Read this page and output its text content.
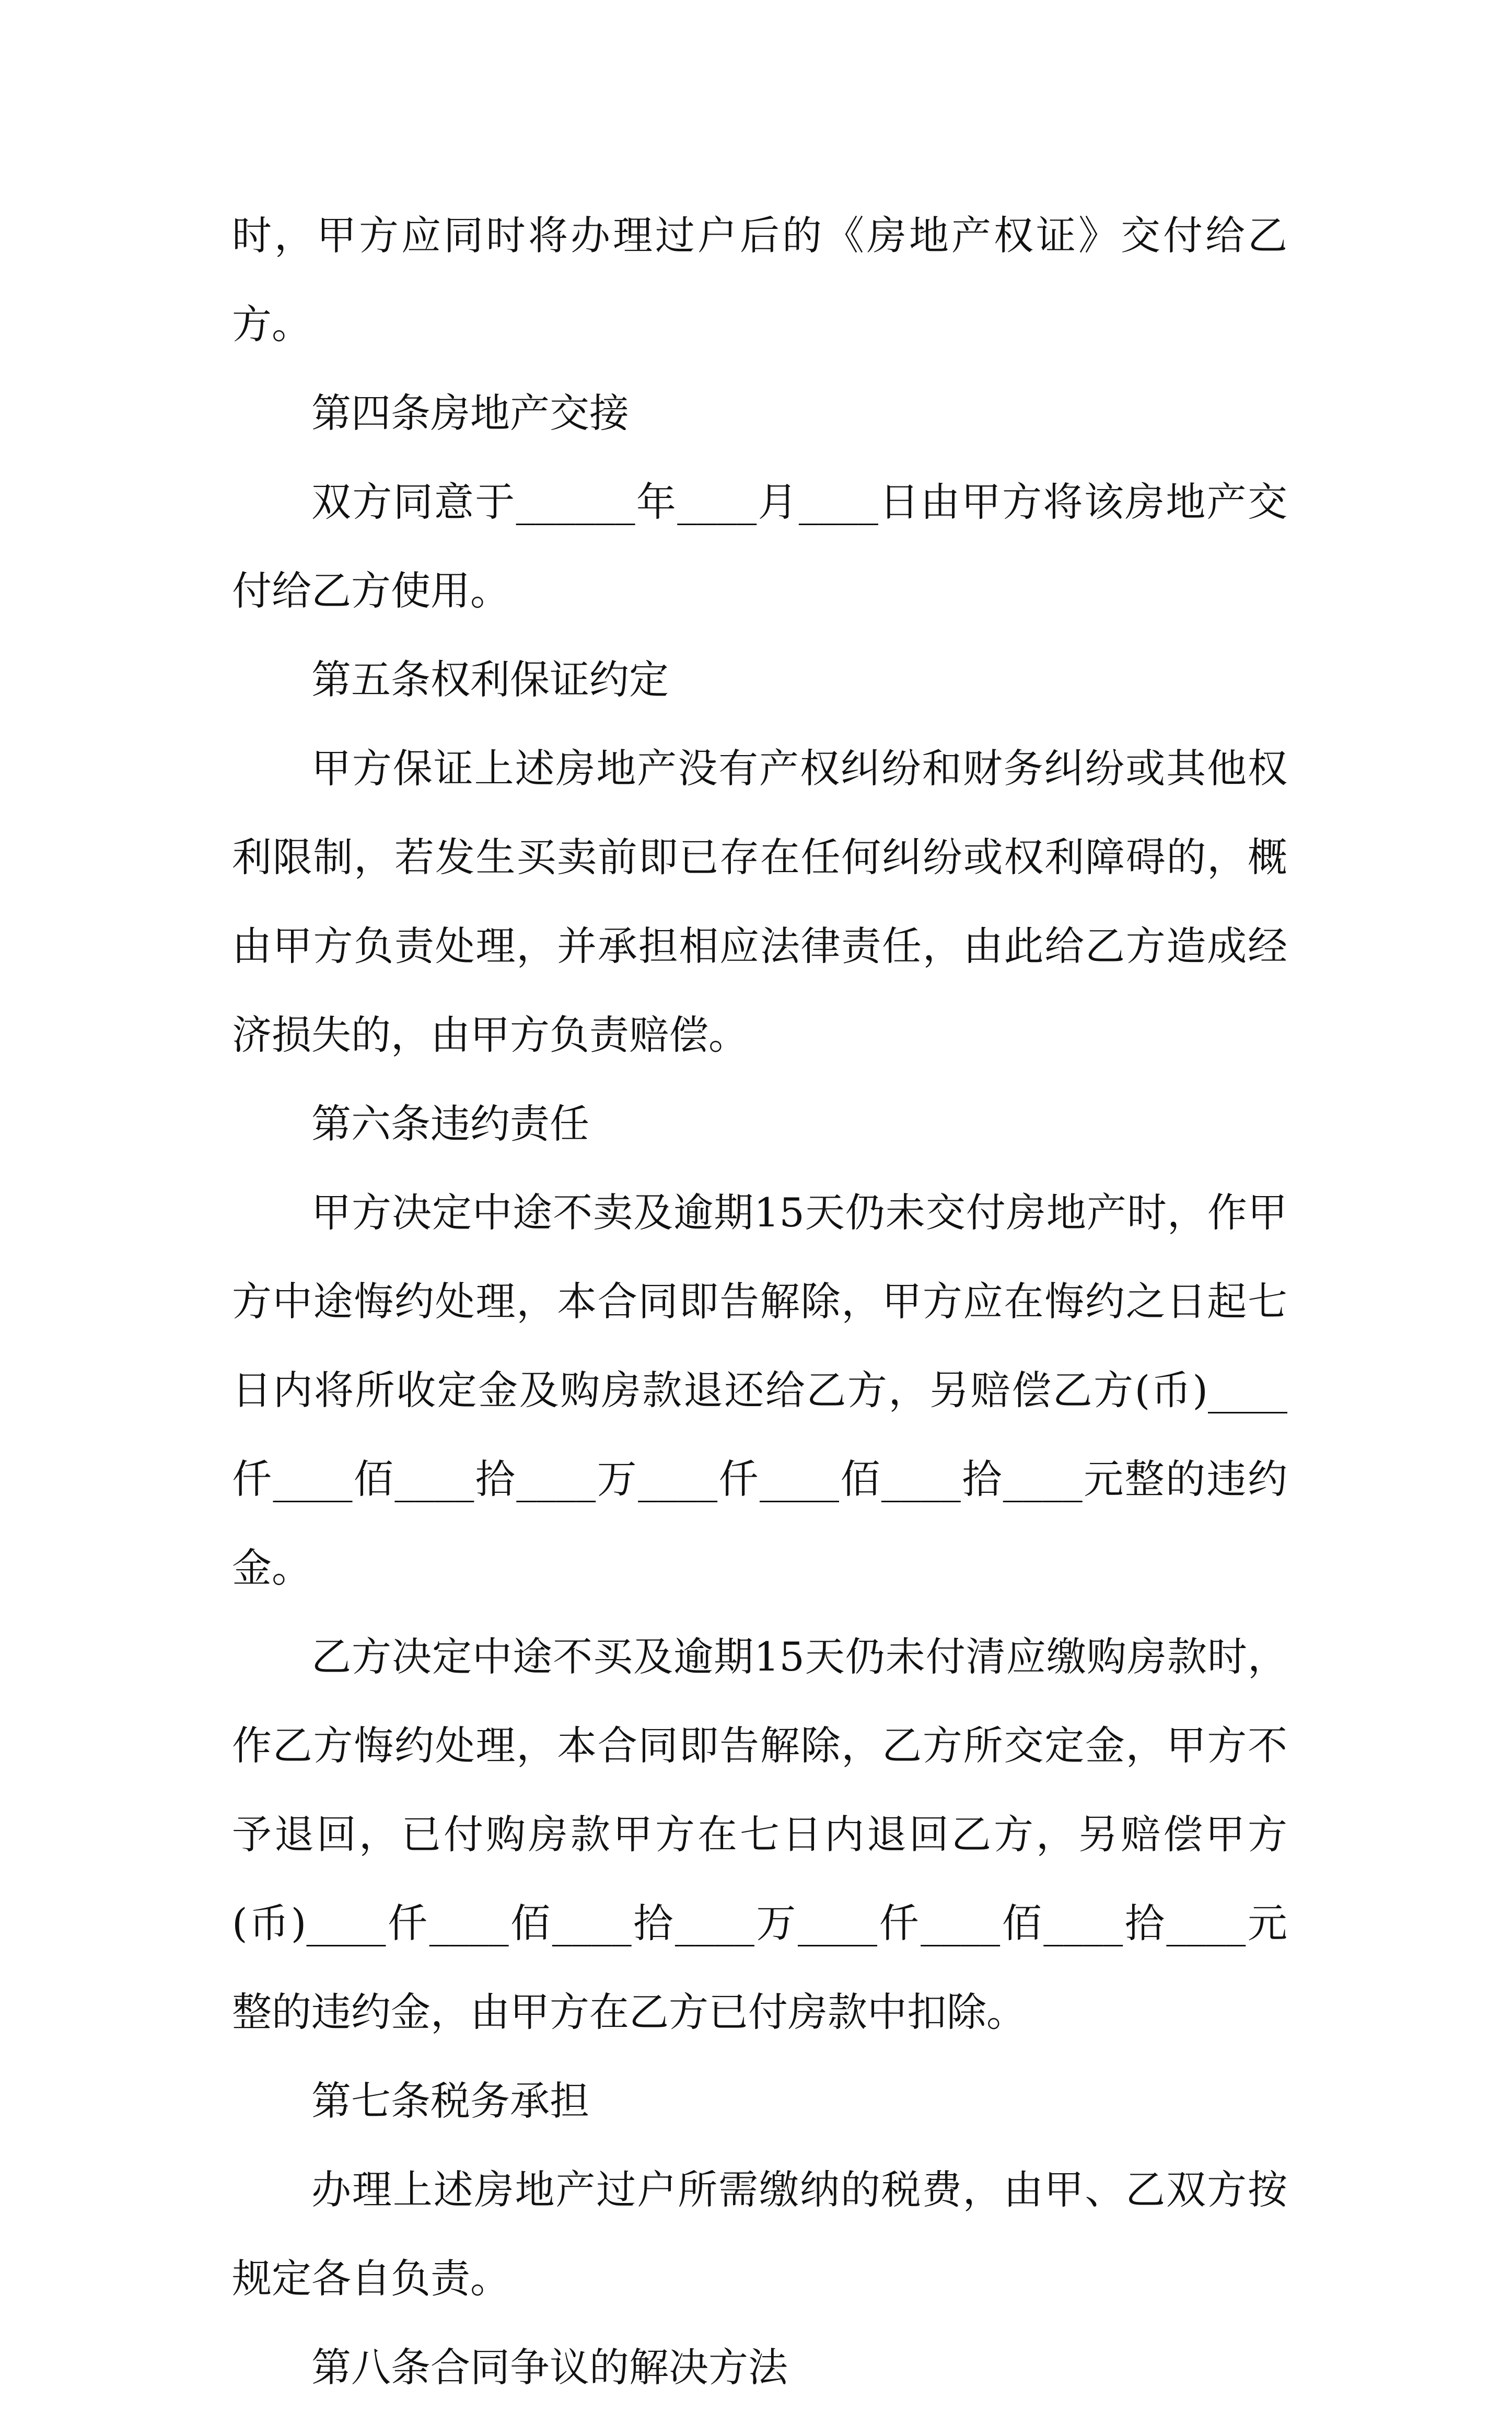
时，甲方应同时将办理过户后的《房地产权证》交付给乙方。

第四条房地产交接

双方同意于______年____月____日由甲方将该房地产交付给乙方使用。

第五条权利保证约定

甲方保证上述房地产没有产权纠纷和财务纠纷或其他权利限制，若发生买卖前即已存在任何纠纷或权利障碍的，概由甲方负责处理，并承担相应法律责任，由此给乙方造成经济损失的，由甲方负责赔偿。

第六条违约责任

甲方决定中途不卖及逾期15天仍未交付房地产时，作甲方中途悔约处理，本合同即告解除，甲方应在悔约之日起七日内将所收定金及购房款退还给乙方，另赔偿乙方(币)____仟____佰____拾____万____仟____佰____拾____元整的违约金。

乙方决定中途不买及逾期15天仍未付清应缴购房款时，作乙方悔约处理，本合同即告解除，乙方所交定金，甲方不予退回，已付购房款甲方在七日内退回乙方，另赔偿甲方(币)____仟____佰____拾____万____仟____佰____拾____元整的违约金，由甲方在乙方已付房款中扣除。

第七条税务承担

办理上述房地产过户所需缴纳的税费，由甲、乙双方按规定各自负责。

第八条合同争议的解决方法
